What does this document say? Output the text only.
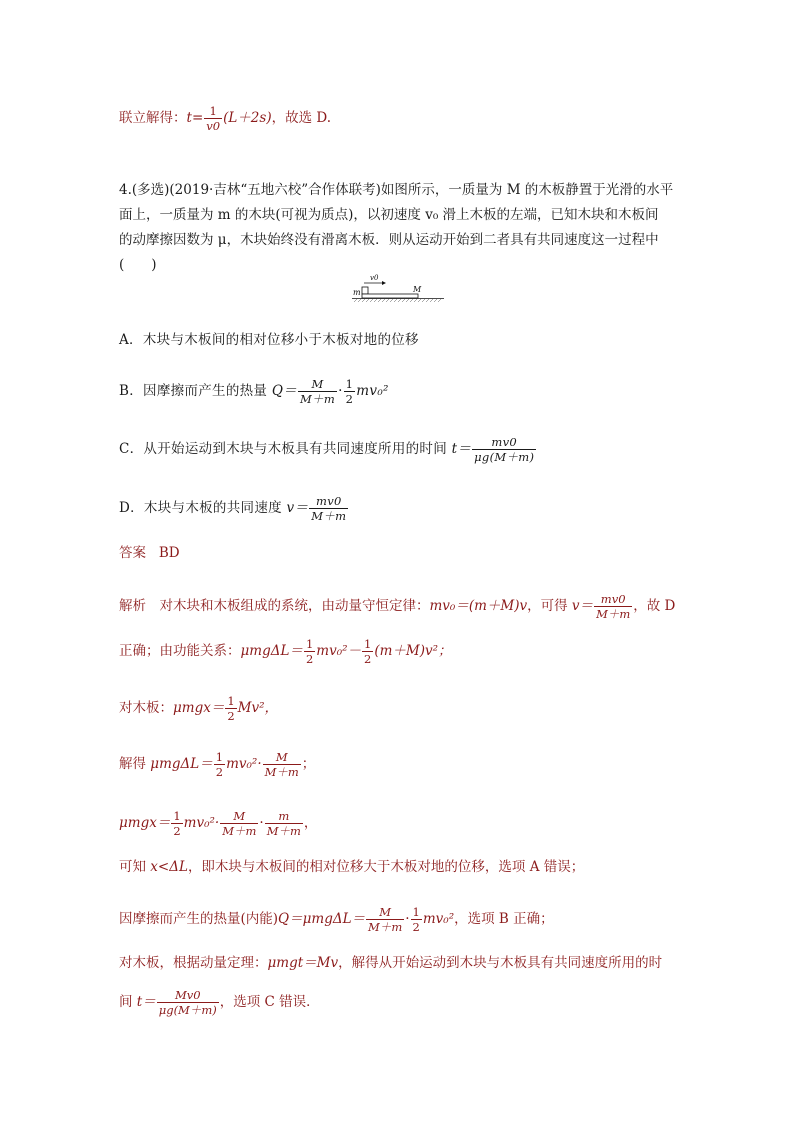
联立解得：$t= \frac{1}{v0} (L+2s)$，故选 D.
4.(多选)(2019·吉林“五地六校”合作体联考)如图所示，一质量为 M 的木板静置于光滑的水平
面上，一质量为 m 的木块(可视为质点)，以初速度 v₀ 滑上木板的左端，已知木块和木板间
的动摩擦因数为 μ，木块始终没有滑离木板．则从运动开始到二者具有共同速度这一过程中
(　　)
v0
m	M
A．木块与木板间的相对位移小于木板对地的位移
B．因摩擦而产生的热量 $Q= \frac{M}{M+m} \cdot \frac{1}{2} mv_0^2$
C．从开始运动到木块与木板具有共同速度所用的时间 $t= \frac{mv0}{\mu g(M+m)}$
D．木块与木板的共同速度 $v= \frac{mv0}{M+m}$
答案 BD
解析　对木块和木板组成的系统，由动量守恒定律：mv₀＝(m＋M)v，可得 $v= \frac{mv0}{M+m}$ ，故 D
正确；由功能关系：$\mu mg\Delta L= \frac{1}{2} mv_0^2- \frac{1}{2} (m+M)v^2$；
对木板：$\mu mgx= \frac{1}{2} Mv^2$，
解得 $\mu mg\Delta L= \frac{1}{2} mv_0^2\cdot \frac{M}{M+m}$ ；
$\mu mgx= \frac{1}{2} mv_0^2\cdot \frac{M}{M+m} \cdot \frac{m}{M+m}$ ，
可知 x<ΔL，即木块与木板间的相对位移大于木板对地的位移，选项 A 错误；
因摩擦而产生的热量(内能)$Q=\mu mg\Delta L= \frac{M}{M+m} \cdot \frac{1}{2} mv_0^2$，选项 B 正确；
对木板，根据动量定理：μmgt＝Mv，解得从开始运动到木块与木板具有共同速度所用的时
间 $t= \frac{Mv0}{\mu g(M+m)}$ ，选项 C 错误．
